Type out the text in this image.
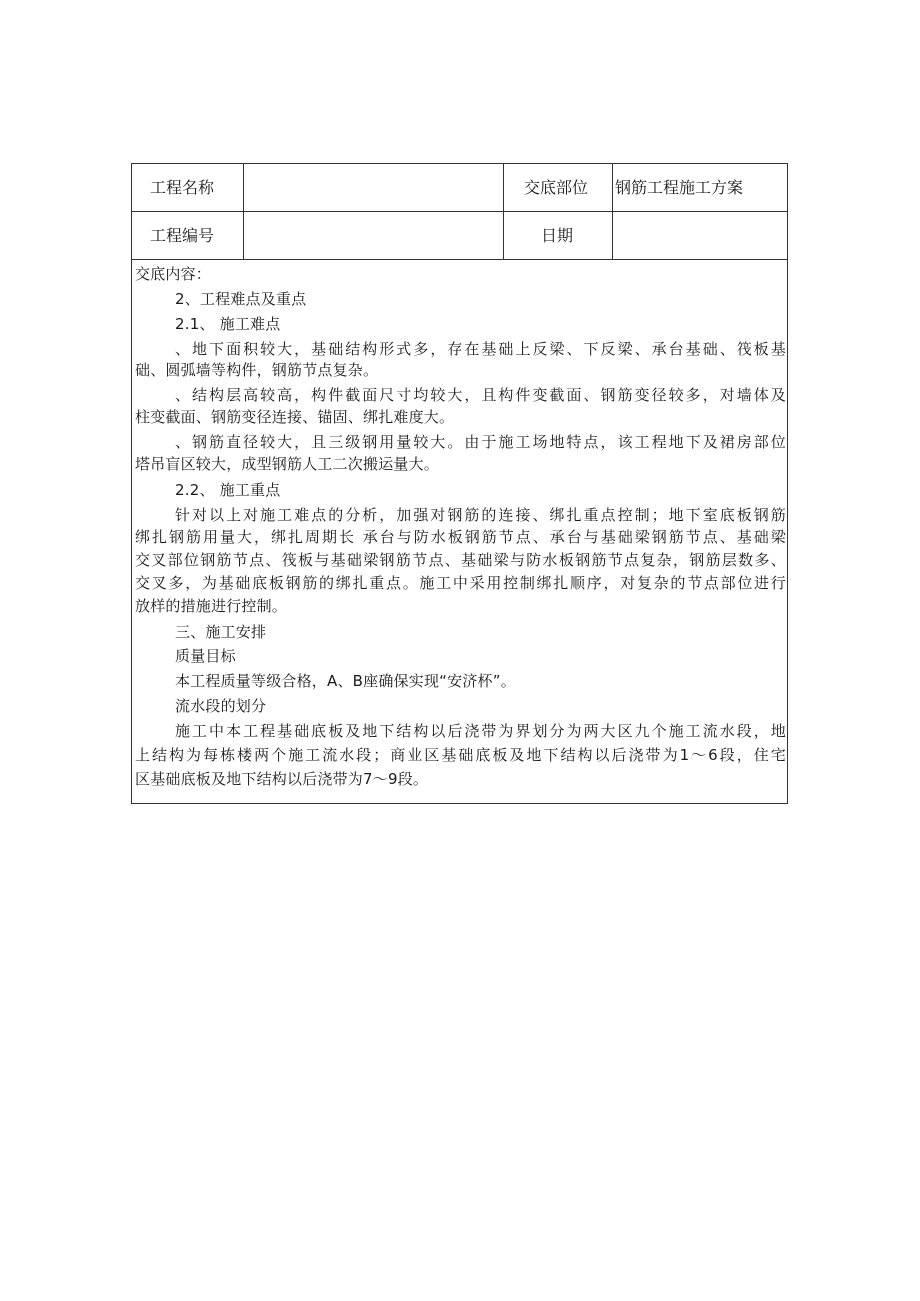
工程名称	交底部位 钢筋工程施工方案
工程编号	日期
交底内容：
2、工程难点及重点
2.1、 施工难点
、地下面积较大，基础结构形式多，存在基础上反梁、下反梁、承台基础、筏板基
础、圆弧墙等构件，钢筋节点复杂。
、结构层高较高，构件截面尺寸均较大，且构件变截面、钢筋变径较多，对墙体及
柱变截面、钢筋变径连接、锚固、绑扎难度大。
、钢筋直径较大，且三级钢用量较大。由于施工场地特点，该工程地下及裙房部位
塔吊盲区较大，成型钢筋人工二次搬运量大。
2.2、 施工重点
针对以上对施工难点的分析，加强对钢筋的连接、绑扎重点控制；地下室底板钢筋
绑扎钢筋用量大，绑扎周期长 承台与防水板钢筋节点、承台与基础梁钢筋节点、基础梁
交叉部位钢筋节点、筏板与基础梁钢筋节点、基础梁与防水板钢筋节点复杂，钢筋层数多、
交叉多，为基础底板钢筋的绑扎重点。施工中采用控制绑扎顺序，对复杂的节点部位进行
放样的措施进行控制。
三、施工安排
质量目标
本工程质量等级合格，A、B座确保实现“安济杯”。
流水段的划分
施工中本工程基础底板及地下结构以后浇带为界划分为两大区九个施工流水段，地
上结构为每栋楼两个施工流水段；商业区基础底板及地下结构以后浇带为1～6段，住宅
区基础底板及地下结构以后浇带为7～9段。
